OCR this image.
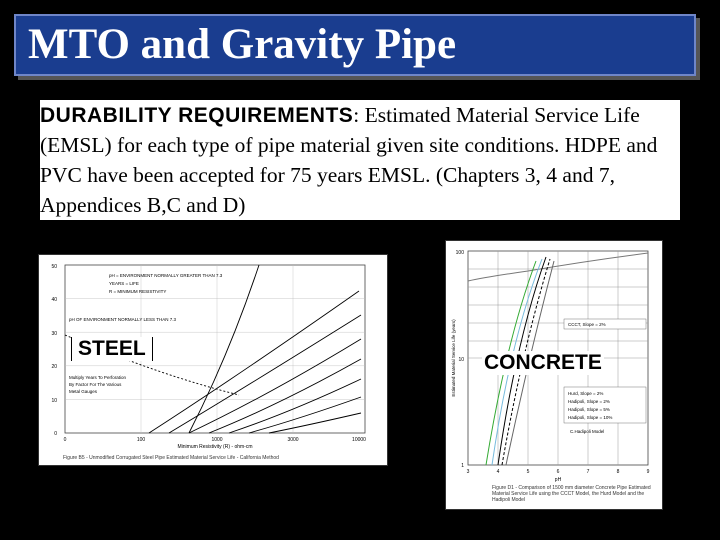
MTO and Gravity Pipe
DURABILITY REQUIREMENTS: Estimated Material Service Life (EMSL) for each type of pipe material given site conditions. HDPE and PVC have been accepted for 75 years EMSL. (Chapters 3, 4 and 7, Appendices B,C and D)
50
40
30
20
10
0
0	100	1000	3000	10000
Minimum Resistivity (R) - ohm-cm
pH = ENVIRONMENT NORMALLY GREATER THAN 7.3
YEARS = LIFE
R = MINIMUM RESISTIVITY
pH OF ENVIRONMENT NORMALLY LESS THAN 7.3
Multiply Years To Perforation
By Factor For The Various
Metal Gauges
STEEL
Figure B5 - Unmodified Corrugated Steel Pipe Estimated Material Service Life - California Method
100
10
1
3	4	5	6	7	8	9
pH
Estimated Material Service Life (years)	CCCT, Slope = 2%
Hurd, Slope = 2%
Hadipoli, Slope = 2%
Hadipoli, Slope = 5%
Hadipoli, Slope = 10%
C.Hadipoli Model
CONCRETE
Figure D1 - Comparison of 1500 mm diameter Concrete Pipe Estimated Material Service Life using the CCCT Model, the Hurd Model and the Hadipoli Model
